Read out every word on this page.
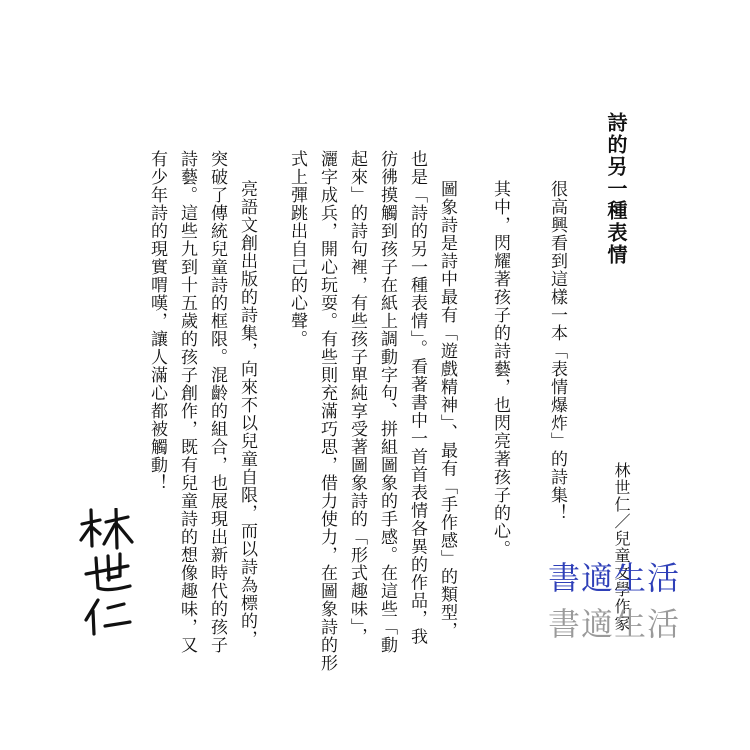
詩的另一種表情
林世仁／兒童文學作家
很高興看到這樣一本「表情爆炸」的詩集！
其中，閃耀著孩子的詩藝，也閃亮著孩子的心。
圖象詩是詩中最有「遊戲精神」、最有「手作感」的類型，
也是「詩的另一種表情」。看著書中一首首表情各異的作品，我
彷彿摸觸到孩子在紙上調動字句、拼組圖象的手感。在這些「動
起來」的詩句裡，有些孩子單純享受著圖象詩的「形式趣味」，
灑字成兵，開心玩耍。有些則充滿巧思，借力使力，在圖象詩的形
式上彈跳出自己的心聲。
亮語文創出版的詩集，向來不以兒童自限，而以詩為標的，
突破了傳統兒童詩的框限。混齡的組合，也展現出新時代的孩子
詩藝。這些九到十五歲的孩子創作，既有兒童詩的想像趣味，又
有少年詩的現實喟嘆，讓人滿心都被觸動！
書適生活
書適生活
